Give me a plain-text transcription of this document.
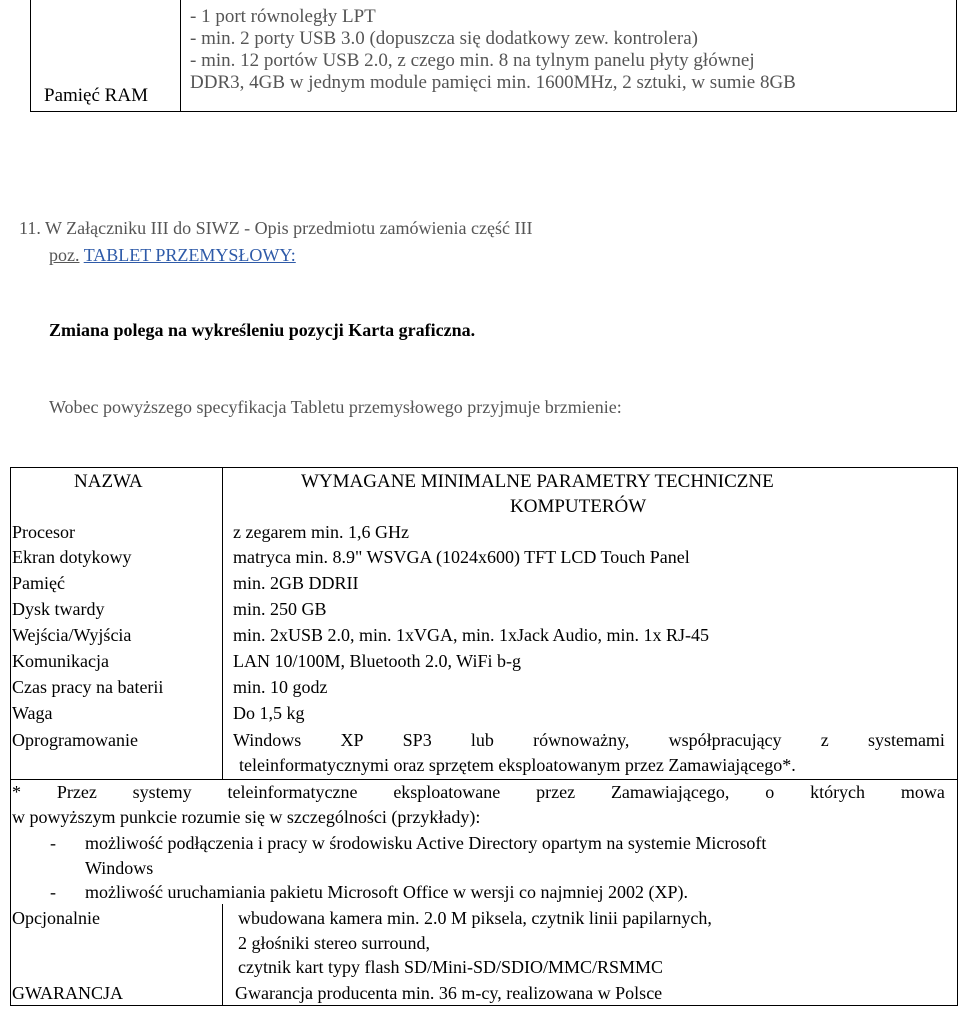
Pamięć RAM
- 1 port równoległy LPT
- min. 2 porty USB 3.0 (dopuszcza się dodatkowy zew. kontrolera)
- min. 12 portów USB 2.0, z czego min. 8 na tylnym panelu płyty głównej
DDR3, 4GB w jednym module pamięci min. 1600MHz, 2 sztuki, w sumie 8GB
11. W Załączniku III do SIWZ - Opis przedmiotu zamówienia część III
poz. TABLET PRZEMYSŁOWY:
Zmiana polega na wykreśleniu pozycji Karta graficzna.
Wobec powyższego specyfikacja Tabletu przemysłowego przyjmuje brzmienie:
NAZWA	WYMAGANE MINIMALNE PARAMETRY TECHNICZNE
KOMPUTERÓW
Procesor	z zegarem min. 1,6 GHz
Ekran dotykowy	matryca min. 8.9" WSVGA (1024x600) TFT LCD Touch Panel
Pamięć	min. 2GB DDRII
Dysk twardy	min. 250 GB
Wejścia/Wyjścia	min. 2xUSB 2.0, min. 1xVGA, min. 1xJack Audio, min. 1x RJ-45
Komunikacja	LAN 10/100M, Bluetooth 2.0, WiFi b-g
Czas pracy na baterii	min. 10 godz
Waga	Do 1,5 kg
Oprogramowanie	Windows XP SP3 lub równoważny, współpracujący z systemami
teleinformatycznymi oraz sprzętem eksploatowanym przez Zamawiającego*.
* Przez systemy teleinformatyczne eksploatowane przez Zamawiającego, o których mowa
w powyższym punkcie rozumie się w szczególności (przykłady):
- możliwość podłączenia i pracy w środowisku Active Directory opartym na systemie Microsoft
Windows
- możliwość uruchamiania pakietu Microsoft Office w wersji co najmniej 2002 (XP).
Opcjonalnie	wbudowana kamera min. 2.0 M piksela, czytnik linii papilarnych,
2 głośniki stereo surround,
czytnik kart typy flash SD/Mini-SD/SDIO/MMC/RSMMC
GWARANCJA	Gwarancja producenta min. 36 m-cy, realizowana w Polsce
